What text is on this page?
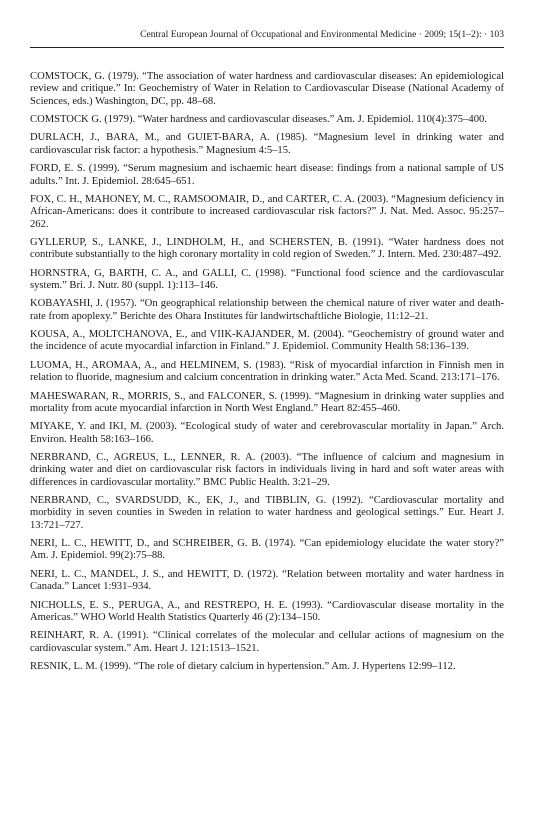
Central European Journal of Occupational and Environmental Medicine · 2009; 15(1–2): · 103
COMSTOCK, G. (1979). “The association of water hardness and cardiovascular diseases: An epidemiological review and critique.” In: Geochemistry of Water in Relation to Cardiovascular Disease (National Academy of Sciences, eds.) Washington, DC, pp. 48–68.
COMSTOCK G. (1979). “Water hardness and cardiovascular diseases.” Am. J. Epidemiol. 110(4):375–400.
DURLACH, J., BARA, M., and GUIET-BARA, A. (1985). “Magnesium level in drinking water and cardiovascular risk factor: a hypothesis.” Magnesium 4:5–15.
FORD, E. S. (1999). “Serum magnesium and ischaemic heart disease: findings from a national sample of US adults.” Int. J. Epidemiol. 28:645–651.
FOX, C. H., MAHONEY, M. C., RAMSOOMAIR, D., and CARTER, C. A. (2003). “Magnesium deficiency in African-Americans: does it contribute to increased cardiovascular risk factors?” J. Nat. Med. Assoc. 95:257–262.
GYLLERUP, S., LANKE, J., LINDHOLM, H., and SCHERSTEN, B. (1991). “Water hardness does not contribute substantially to the high coronary mortality in cold region of Sweden.” J. Intern. Med. 230:487–492.
HORNSTRA, G, BARTH, C. A., and GALLI, C. (1998). “Functional food science and the cardiovascular system.” Bri. J. Nutr. 80 (suppl. 1):113–146.
KOBAYASHI, J. (1957). “On geographical relationship between the chemical nature of river water and death-rate from apoplexy.” Berichte des Ohara Institutes für landwirtschaftliche Biologie, 11:12–21.
KOUSA, A., MOLTCHANOVA, E., and VIIK-KAJANDER, M. (2004). “Geochemistry of ground water and the incidence of acute myocardial infarction in Finland.” J. Epidemiol. Community Health 58:136–139.
LUOMA, H., AROMAA, A., and HELMINEM, S. (1983). “Risk of myocardial infarction in Finnish men in relation to fluoride, magnesium and calcium concentration in drinking water.” Acta Med. Scand. 213:171–176.
MAHESWARAN, R., MORRIS, S., and FALCONER, S. (1999). “Magnesium in drinking water supplies and mortality from acute myocardial infarction in North West England.” Heart 82:455–460.
MIYAKE, Y. and IKI, M. (2003). “Ecological study of water and cerebrovascular mortality in Japan.” Arch. Environ. Health 58:163–166.
NERBRAND, C., AGREUS, L., LENNER, R. A. (2003). “The influence of calcium and magnesium in drinking water and diet on cardiovascular risk factors in individuals living in hard and soft water areas with differences in cardiovascular mortality.” BMC Public Health. 3:21–29.
NERBRAND, C., SVARDSUDD, K., EK, J., and TIBBLIN, G. (1992). “Cardiovascular mortality and morbidity in seven counties in Sweden in relation to water hardness and geological settings.” Eur. Heart J. 13:721–727.
NERI, L. C., HEWITT, D., and SCHREIBER, G. B. (1974). “Can epidemiology elucidate the water story?” Am. J. Epidemiol. 99(2):75–88.
NERI, L. C., MANDEL, J. S., and HEWITT, D. (1972). “Relation between mortality and water hardness in Canada.” Lancet 1:931–934.
NICHOLLS, E. S., PERUGA, A., and RESTREPO, H. E. (1993). “Cardiovascular disease mortality in the Americas.” WHO World Health Statistics Quarterly 46 (2):134–150.
REINHART, R. A. (1991). “Clinical correlates of the molecular and cellular actions of magnesium on the cardiovascular system.” Am. Heart J. 121:1513–1521.
RESNIK, L. M. (1999). “The role of dietary calcium in hypertension.” Am. J. Hypertens 12:99–112.
